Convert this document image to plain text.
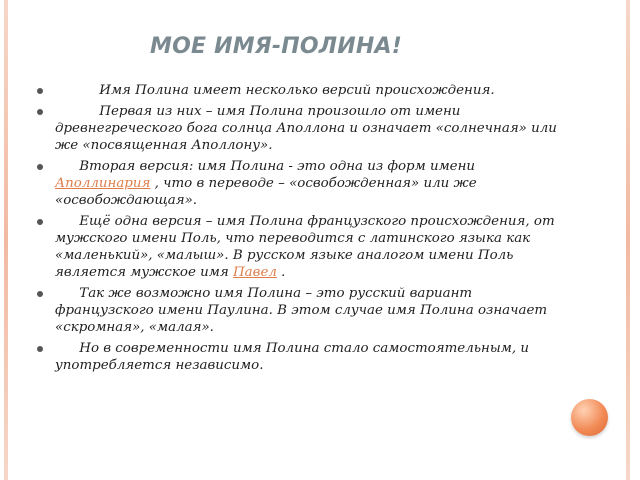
МОЕ ИМЯ-ПОЛИНА!
Имя Полина имеет несколько версий происхождения.
Первая из них – имя Полина произошло от имени древнегреческого бога солнца Аполлона и означает «солнечная» или же «посвященная Аполлону».
Вторая версия: имя Полина - это одна из форм имени Аполлинария , что в переводе – «освобожденная» или же «освобождающая».
Ещё одна версия – имя Полина французского происхождения, от мужского имени Поль, что переводится с латинского языка как «маленький», «малыш». В русском языке аналогом имени Поль является мужское имя Павел .
Так же возможно имя Полина – это русский вариант французского имени Паулина. В этом случае имя Полина означает «скромная», «малая».
Но в современности имя Полина стало самостоятельным, и употребляется независимо.
